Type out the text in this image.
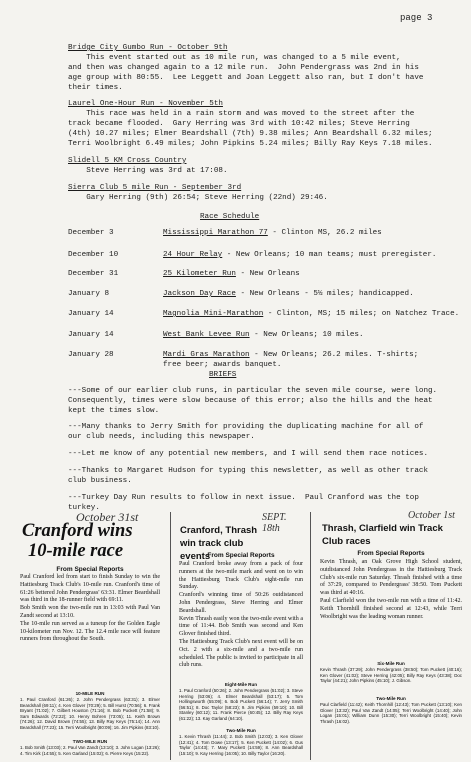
page 3
Bridge City Gumbo Run - October 9th
This event started out as 10 mile run, was changed to a 5 mile event,
and then was changed again to a 12 mile run.  John Pendergrass was 2nd in his
age group with 80:55.  Lee Leggett and Joan Leggett also ran, but I don't have
their times.
Laurel One-Hour Run - November 5th
This race was held in a rain storm and was moved to the street after the
track became flooded.  Gary Herring was 3rd with 10:42 miles; Steve Herring
(4th) 10.27 miles; Elmer Beardshall (7th) 9.38 miles; Ann Beardshall 6.32 miles;
Terri Woolbright 6.49 miles; John Pipkins 5.24 miles; Billy Ray Keys 7.18 miles.
Slidell 5 KM Cross Country
Steve Herring was 3rd at 17:08.
Sierra Club 5 mile Run - September 3rd
Gary Herring (9th) 26:54; Steve Herring (22nd) 29:46.
Race Schedule
December 3	Mississippi Marathon 77 - Clinton MS, 26.2 miles
December 10	24 Hour Relay - New Orleans; 10 man teams; must preregister.
December 31	25 Kilometer Run - New Orleans
January 8	Jackson Day Race - New Orleans - 5½ miles; handicapped.
January 14	Magnolia Mini-Marathon - Clinton, MS; 15 miles; on Natchez Trace.
January 14	West Bank Levee Run - New Orleans; 10 miles.
January 28	Mardi Gras Marathon - New Orleans; 26.2 miles. T-shirts;
free beer; awards banquet.
BRIEFS
---Some of our earlier club runs, in particular the seven mile course, were long.
Consequently, times were slow because of this error; also the hills and the heat
kept the times slow.
---Many thanks to Jerry Smith for providing the duplicating machine for all of
our club needs, including this newspaper.
---Let me know of any potential new members, and I will send them race notices.
---Thanks to Margaret Hudson for typing this newsletter, as well as other track
club business.
---Turkey Day Run results to follow in next issue.  Paul Cranford was the top
turkey.
October 31st
Cranford wins
10-mile race
From Special Reports
Paul Cranford led from start to finish Sunday to win the Hattiesburg Track Club's 10-mile run. Cranford's time of 61:26 bettered John Pendergrass' 63:31. Elmer Beardshall was third in the 18-runner field with 69:11.
Bob Smith won the two-mile run in 13:03 with Paul Van Zandt second at 13:10.
The 10-mile run served as a tuneup for the Golden Eagle 10-kilometer run Nov. 12. The 12.4 mile race will feature runners from throughout the South.
10-MILE RUN
1. Paul Cranford (61:26); 2. John Pendergrass (63:31); 3. Elmer Beardshall (69:11); 4. Ken Glover (70:29); 5. Bill Hurst (70:56); 6. Frank Bryant (71:02); 7. Gilbert Houston (71:16); 8. Bob Puckett (71:58); 9. Sam Edwards (72:22); 10. Henry Bohren (73:05); 11. Keith Brown (74:26); 12. David Brown (74:55); 13. Billy Ray Keys (75:14); 14. Ann Beardshall (77:23); 15. Terri Woolbright (80:09); 16. Jim Pipkins (83:10).
TWO-MILE RUN
1. Bob Smith (13:03); 2. Paul Van Zandt (13:10); 3. John Logan (13:26); 4. Tim Kirk (14:55); 5. Ken Garland (15:02); 6. Pierre Keys (15:22).
SEPT. 18th
Cranford, Thrash win track club events
From Special Reports
Paul Cranford broke away from a pack of four runners at the two-mile mark and went on to win the Hattiesburg Track Club's eight-mile run Sunday.
Cranford's winning time of 50:26 outdistanced John Pendergrass, Steve Herring and Elmer Beardshall.
Kevin Thrash easily won the two-mile event with a time of 11:44. Bob Smith was second and Ken Glover finished third.
The Hattiesburg Track Club's next event will be on Oct. 2 with a six-mile and a two-mile run scheduled. The public is invited to participate in all club runs.
Eight-Mile Run
1. Paul Cranford (50:26); 2. John Pendergrass (51:02); 3. Steve Herring (53:06); 4. Elmer Beardshall (53:17); 5. Tom Hollingsworth (55:09); 6. Bob Puckett (56:14); 7. Jerry Smith (56:51); 8. Doc Taylor (58:23); 9. Jim Pipkins (59:10); 10. Bill Stanley (60:12); 11. Frank Pierce (60:45); 12. Billy Ray Keys (61:22); 13. Kay Garland (64:10).
Two-Mile Run
1. Kevin Thrash (11:44); 2. Bob Smith (12:03); 3. Ken Glover (12:41); 4. Tom Dowe (13:17); 5. Ken Puckett (14:02); 6. Gus Taylor (14:43); 7. Mary Puckett (14:59); 8. Ann Beardshall (15:10); 9. Kay Herring (16:05); 10. Billy Taylor (16:20).
October 1st
Thrash, Clarfield win Track Club races
From Special Reports
Kevin Thrash, an Oak Grove High School student, outdistanced John Pendergrass in the Hattiesburg Track Club's six-mile run Saturday. Thrash finished with a time of 37:29, compared to Pendergrass' 38:50. Tom Puckett was third at 40:16.
Paul Clarfield won the two-mile run with a time of 11:42. Keith Thornhill finished second at 12:43, while Terri Woolbright was the leading woman runner.
Six-Mile Run
Kevin Thrash (37:29); John Pendergrass (38:50); Tom Puckett (40:16); Ken Glover (41:02); Steve Herring (42:05); Billy Ray Keys (43:38); Doc Taylor (44:21); John Pipkins (45:10); J. Gibson.
Two-Mile Run
Paul Clarfield (11:42); Keith Thornhill (12:43); Tom Puckett (13:10); Ken Glover (13:32); Paul Van Zandt (14:05); Terri Woolbright (14:40); John Logan (15:01); William Dunn (15:30); Terri Woolbright (15:40); Kevin Thrash (16:02).
